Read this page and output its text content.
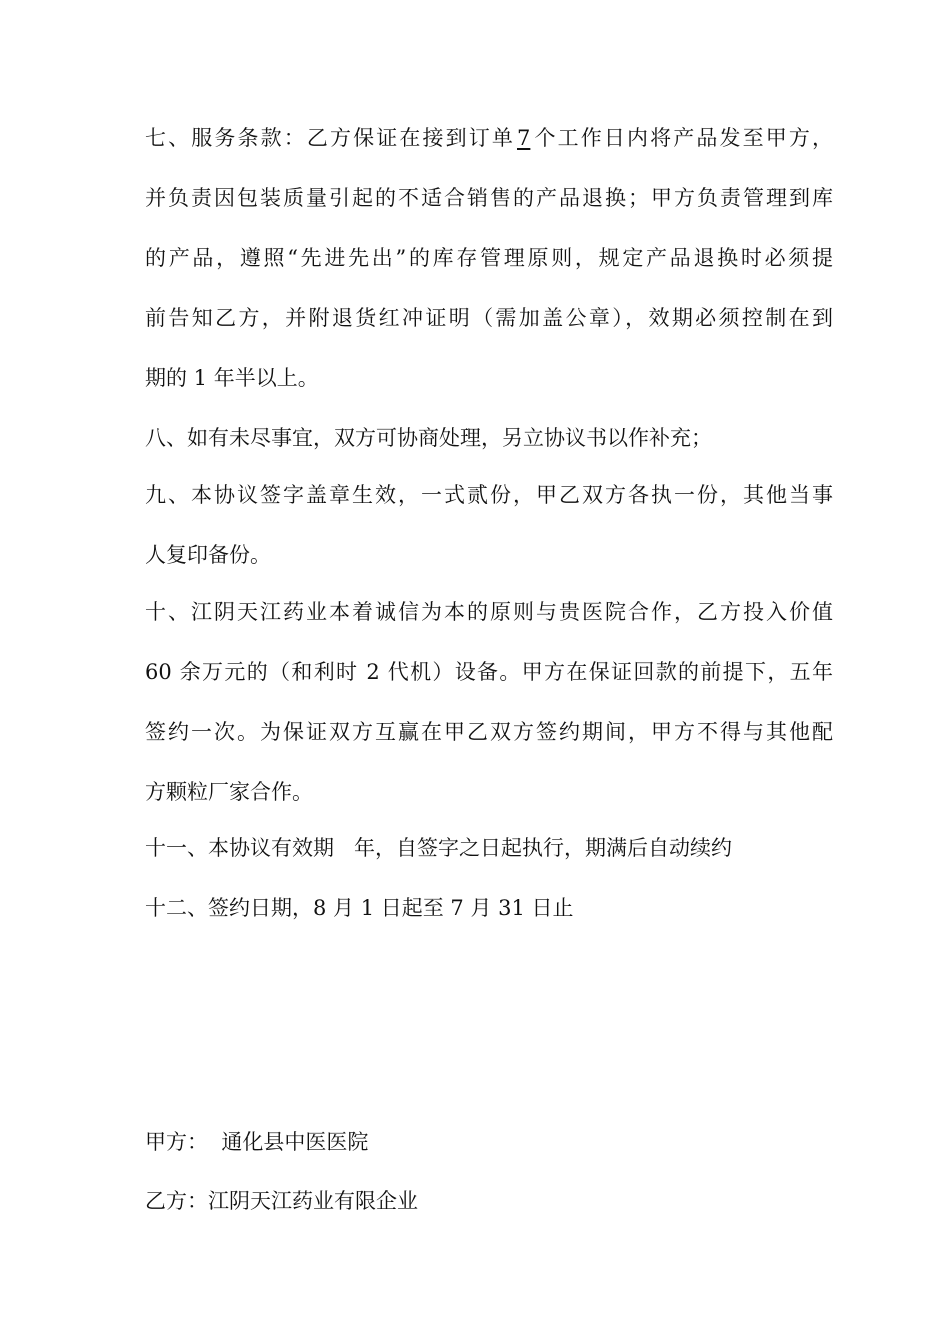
七、服务条款：乙方保证在接到订单7个工作日内将产品发至甲方，
并负责因包装质量引起的不适合销售的产品退换；甲方负责管理到库
的产品，遵照“先进先出”的库存管理原则，规定产品退换时必须提
前告知乙方，并附退货红冲证明（需加盖公章），效期必须控制在到
期的 1 年半以上。
八、如有未尽事宜，双方可协商处理，另立协议书以作补充；
九、本协议签字盖章生效，一式贰份，甲乙双方各执一份，其他当事
人复印备份。
十、江阴天江药业本着诚信为本的原则与贵医院合作，乙方投入价值
60 余万元的（和利时 2 代机）设备。甲方在保证回款的前提下，五年
签约一次。为保证双方互赢在甲乙双方签约期间，甲方不得与其他配
方颗粒厂家合作。
十一、本协议有效期   年，自签字之日起执行，期满后自动续约
十二、签约日期，8 月 1 日起至 7 月 31 日止
甲方：  通化县中医医院
乙方：江阴天江药业有限企业
